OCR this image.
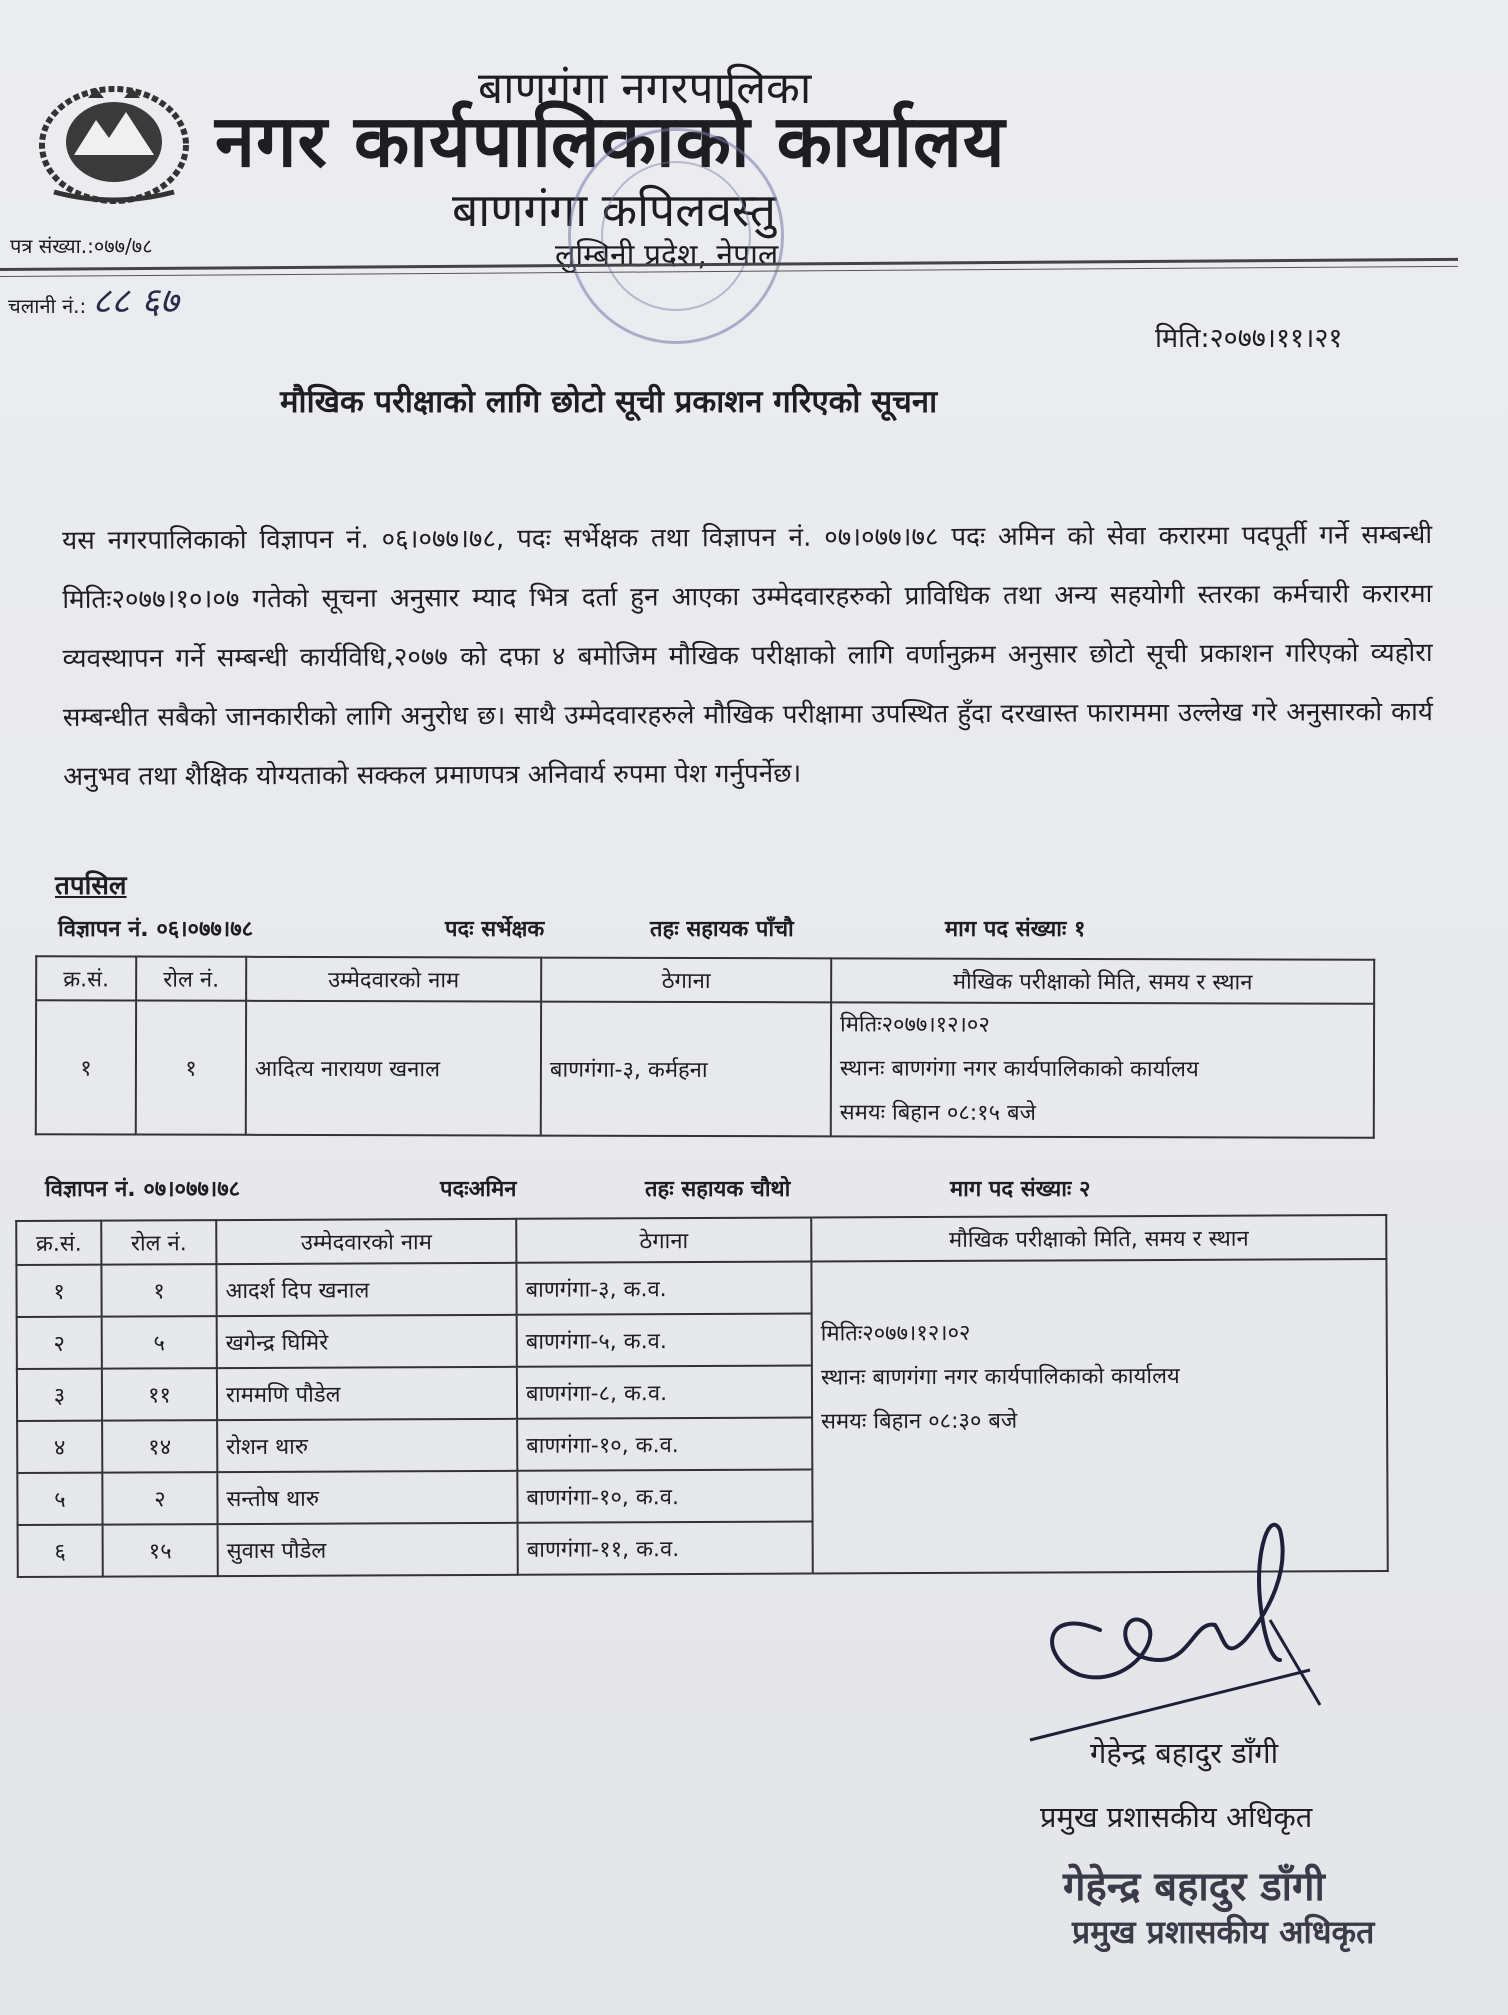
बाणगंगा नगरपालिका
नगर कार्यपालिकाको कार्यालय
बाणगंगा कपिलवस्तु
लुम्बिनी प्रदेश, नेपाल
पत्र संख्या.:०७७/७८
चलानी नं.: ८८ ६७
मिति:२०७७।११।२१
मौखिक परीक्षाको लागि छोटो सूची प्रकाशन गरिएको सूचना
यस नगरपालिकाको विज्ञापन नं. ०६।०७७।७८, पदः सर्भेक्षक तथा विज्ञापन नं. ०७।०७७।७८ पदः अमिन को सेवा करारमा पदपूर्ती गर्ने सम्बन्धी मितिः२०७७।१०।०७ गतेको सूचना अनुसार म्याद भित्र दर्ता हुन आएका उम्मेदवारहरुको प्राविधिक तथा अन्य सहयोगी स्तरका कर्मचारी करारमा व्यवस्थापन गर्ने सम्बन्धी कार्यविधि,२०७७ को दफा ४ बमोजिम मौखिक परीक्षाको लागि वर्णानुक्रम अनुसार छोटो सूची प्रकाशन गरिएको व्यहोरा सम्बन्धीत सबैको जानकारीको लागि अनुरोध छ। साथै उम्मेदवारहरुले मौखिक परीक्षामा उपस्थित हुँदा दरखास्त फाराममा उल्लेख गरे अनुसारको कार्य अनुभव तथा शैक्षिक योग्यताको सक्कल प्रमाणपत्र अनिवार्य रुपमा पेश गर्नुपर्नेछ।
तपसिल
विज्ञापन नं. ०६।०७७।७८	पदः सर्भेक्षक	तहः सहायक पाँचौ	माग पद संख्याः १
क्र.सं.	रोल नं.	उम्मेदवारको नाम	ठेगाना	मौखिक परीक्षाको मिति, समय र स्थान
१	१	आदित्य नारायण खनाल	बाणगंगा-३, कर्महना	मितिः२०७७।१२।०२
स्थानः बाणगंगा नगर कार्यपालिकाको कार्यालय
समयः बिहान ०८:१५ बजे
विज्ञापन नं. ०७।०७७।७८	पदःअमिन	तहः सहायक चौथो	माग पद संख्याः २
क्र.सं.	रोल नं.	उम्मेदवारको नाम	ठेगाना	मौखिक परीक्षाको मिति, समय र स्थान
१	१	आदर्श दिप खनाल	बाणगंगा-३, क.व.	मितिः२०७७।१२।०२
स्थानः बाणगंगा नगर कार्यपालिकाको कार्यालय
समयः बिहान ०८:३० बजे

२	५	खगेन्द्र घिमिरे	बाणगंगा-५, क.व.	
३	११	राममणि पौडेल	बाणगंगा-८, क.व.	
४	१४	रोशन थारु	बाणगंगा-१०, क.व.	
५	२	सन्तोष थारु	बाणगंगा-१०, क.व.	
६	१५	सुवास पौडेल	बाणगंगा-११, क.व.	
गेहेन्द्र बहादुर डाँगी
प्रमुख प्रशासकीय अधिकृत
गेहेन्द्र बहादुर डाँगी
प्रमुख प्रशासकीय अधिकृत
